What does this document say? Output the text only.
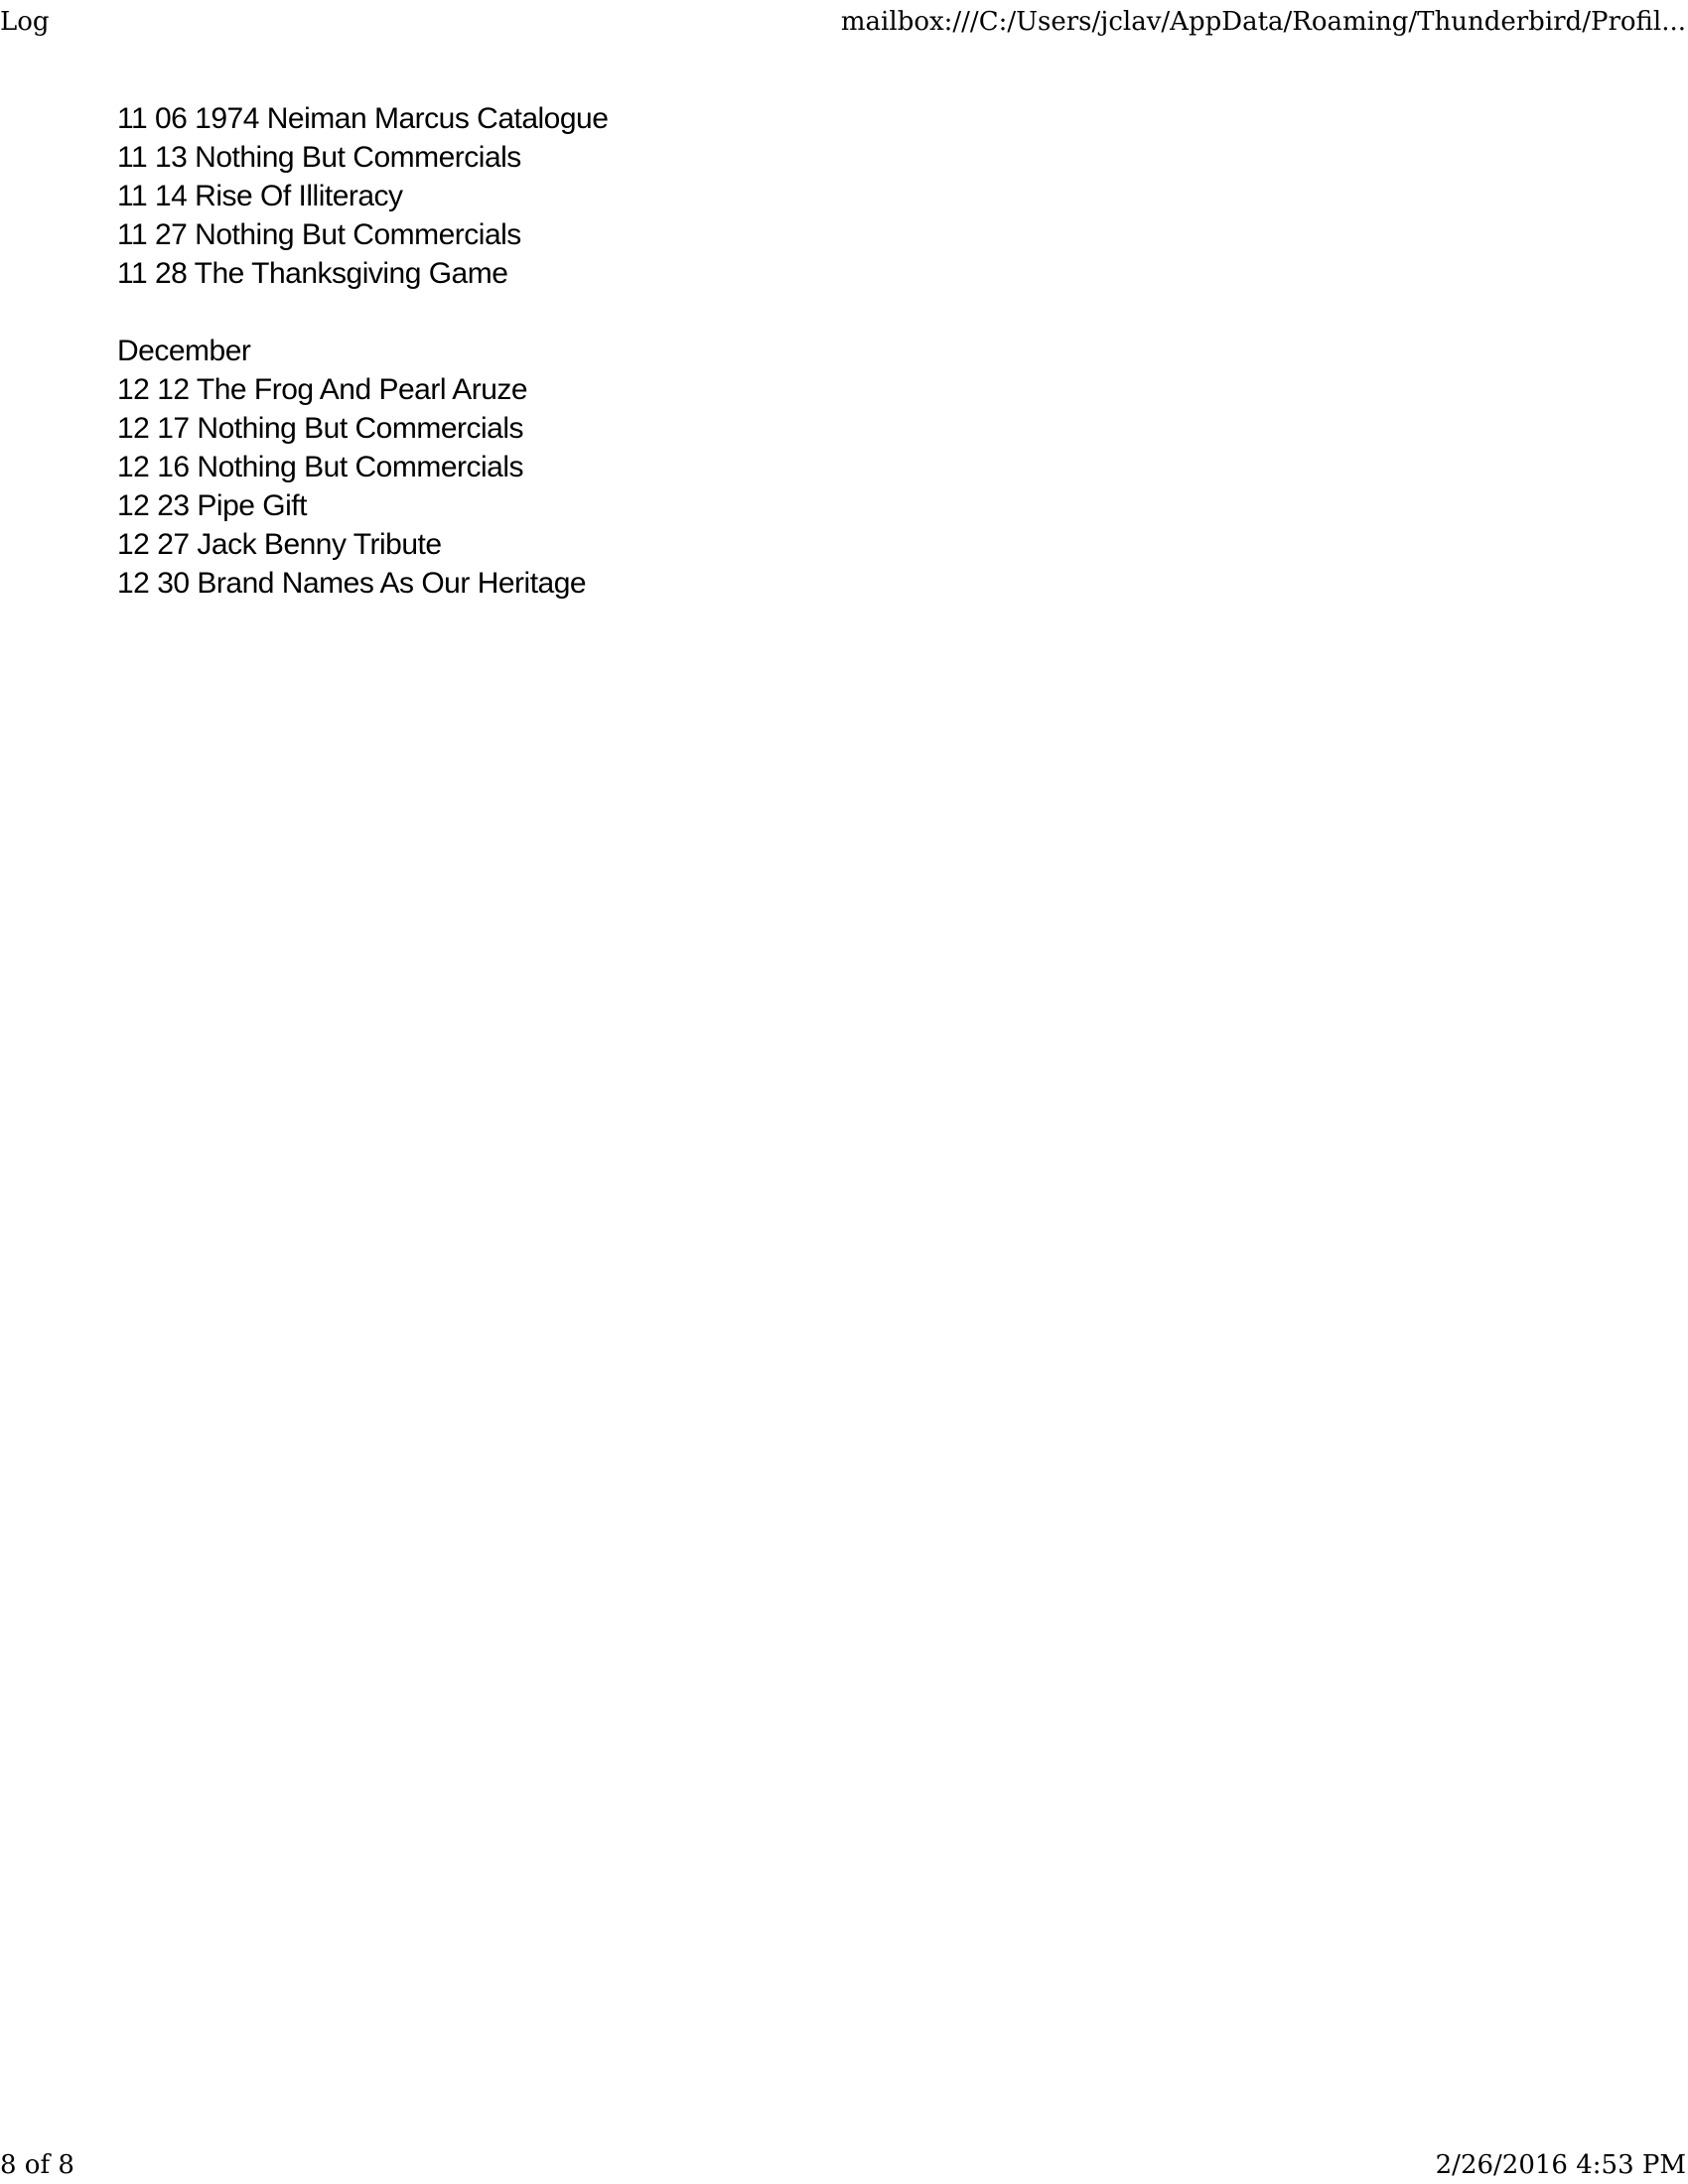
Log	mailbox:///C:/Users/jclav/AppData/Roaming/Thunderbird/Profil...
11 06 1974 Neiman Marcus Catalogue
11 13 Nothing But Commercials
11 14 Rise Of Illiteracy
11 27 Nothing But Commercials
11 28 The Thanksgiving Game
December
12 12 The Frog And Pearl Aruze
12 17 Nothing But Commercials
12 16 Nothing But Commercials
12 23 Pipe Gift
12 27 Jack Benny Tribute
12 30 Brand Names As Our Heritage
8 of 8	2/26/2016 4:53 PM
